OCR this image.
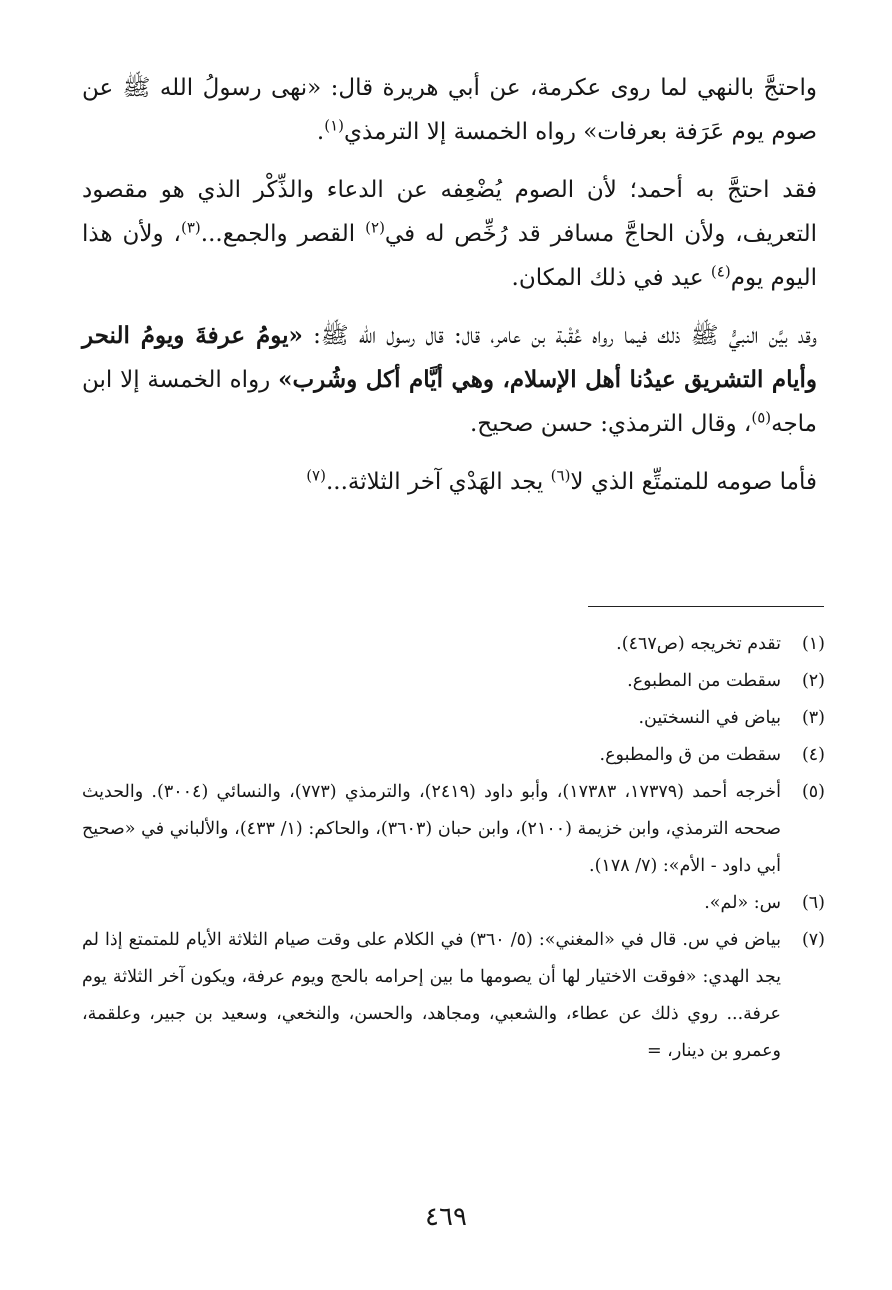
واحتجَّ بالنهي لما روى عكرمة، عن أبي هريرة قال: «نهى رسولُ الله ﷺ عن صوم يوم عَرَفة بعرفات» رواه الخمسة إلا الترمذي$^{(١)}$.

فقد احتجَّ به أحمد؛ لأن الصوم يُضْعِفه عن الدعاء والذِّكْر الذي هو مقصود التعريف، ولأن الحاجَّ مسافر قد رُخِّص له في$^{(٢)}$ القصر والجمع...$^{(٣)}$، ولأن هذا اليوم يوم$^{(٤)}$ عيد في ذلك المكان.

وقد بيَّن النبيُّ ﷺ ذلك فيما رواه عُقْبة بن عامر، قال: قال رسول الله ﷺ: «يومُ عرفةَ ويومُ النحر وأيام التشريق عيدُنا أهل الإسلام، وهي أيَّام أكل وشُرب» رواه الخمسة إلا ابن ماجه$^{(٥)}$، وقال الترمذي: حسن صحيح.

فأما صومه للمتمتِّع الذي لا$^{(٦)}$ يجد الهَدْي آخر الثلاثة...$^{(٧)}$

(١)
تقدم تخريجه (ص٤٦٧).
(٢)
سقطت من المطبوع.
(٣)
بياض في النسختين.
(٤)
سقطت من ق والمطبوع.
(٥)
أخرجه أحمد (١٧٣٧٩، ١٧٣٨٣)، وأبو داود (٢٤١٩)، والترمذي (٧٧٣)، والنسائي (٣٠٠٤). والحديث صححه الترمذي، وابن خزيمة (٢١٠٠)، وابن حبان (٣٦٠٣)، والحاكم: (١/ ٤٣٣)، والألباني في «صحيح أبي داود - الأم»: (٧/ ١٧٨).
(٦)
س: «لم».
(٧)
بياض في س. قال في «المغني»: (٥/ ٣٦٠) في الكلام على وقت صيام الثلاثة الأيام للمتمتع إذا لم يجد الهدي: «فوقت الاختيار لها أن يصومها ما بين إحرامه بالحج ويوم عرفة، ويكون آخر الثلاثة يوم عرفة... روي ذلك عن عطاء، والشعبي، ومجاهد، والحسن، والنخعي، وسعيد بن جبير، وعلقمة، وعمرو بن دينار، =
٤٦٩
